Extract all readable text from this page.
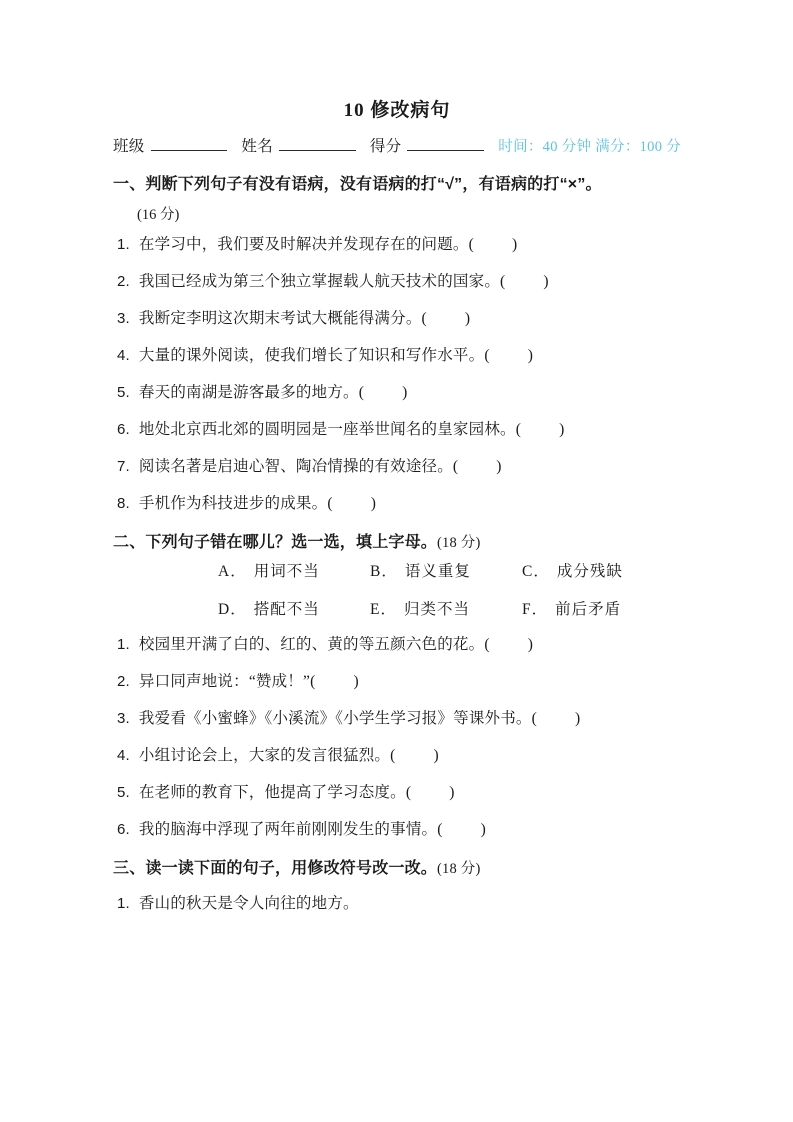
10 修改病句
班级	姓名	得分	时间：40 分钟 满分：100 分
一、判断下列句子有没有语病，没有语病的打“√”，有语病的打“×”。
(16 分)
1. 在学习中，我们要及时解决并发现存在的问题。( )
2. 我国已经成为第三个独立掌握载人航天技术的国家。( )
3. 我断定李明这次期末考试大概能得满分。( )
4. 大量的课外阅读，使我们增长了知识和写作水平。( )
5. 春天的南湖是游客最多的地方。( )
6. 地处北京西北郊的圆明园是一座举世闻名的皇家园林。( )
7. 阅读名著是启迪心智、陶冶情操的有效途径。( )
8. 手机作为科技进步的成果。( )
二、下列句子错在哪儿？选一选，填上字母。(18 分)
A． 用词不当	B． 语义重复	C． 成分残缺
D． 搭配不当	E． 归类不当	F． 前后矛盾
1. 校园里开满了白的、红的、黄的等五颜六色的花。( )
2. 异口同声地说：“赞成！”( )
3. 我爱看《小蜜蜂》《小溪流》《小学生学习报》等课外书。( )
4. 小组讨论会上，大家的发言很猛烈。( )
5. 在老师的教育下，他提高了学习态度。( )
6. 我的脑海中浮现了两年前刚刚发生的事情。( )
三、读一读下面的句子，用修改符号改一改。(18 分)
1. 香山的秋天是令人向往的地方。
